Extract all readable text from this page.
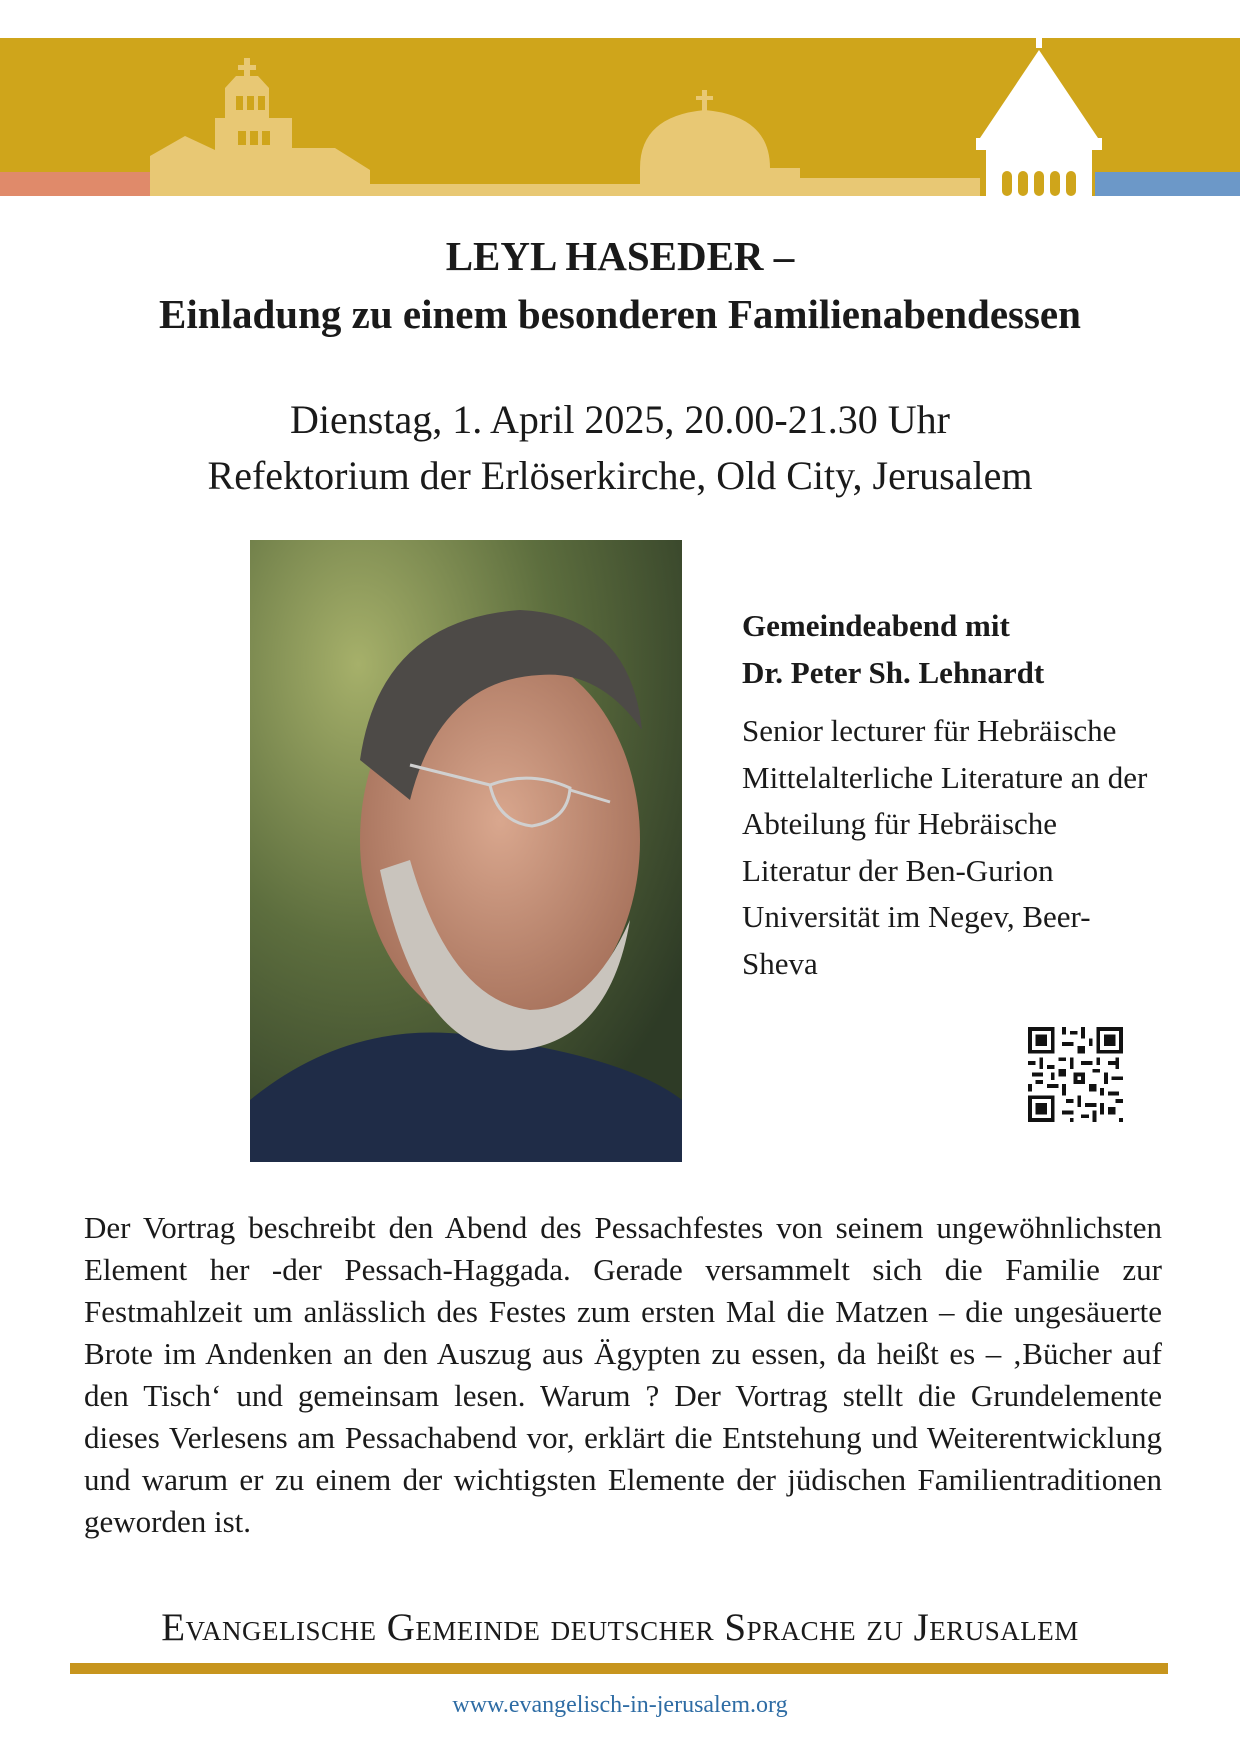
LEYL HASEDER –
Einladung zu einem besonderen Familienabendessen
Dienstag, 1. April 2025, 20.00-21.30 Uhr
Refektorium der Erlöserkirche, Old City, Jerusalem
Gemeindeabend mit
Dr. Peter Sh. Lehnardt
Senior lecturer für Hebräische Mittelalterliche Literature an der Abteilung für Hebräische Literatur der Ben-Gurion Universität im Negev, Beer-Sheva
Der Vortrag beschreibt den Abend des Pessachfestes von seinem ungewöhnlichsten Element her -der Pessach-Haggada. Gerade versammelt sich die Familie zur Festmahlzeit um anlässlich des Festes zum ersten Mal die Matzen – die ungesäuerte Brote im Andenken an den Auszug aus Ägypten zu essen, da heißt es – ‚Bücher auf den Tisch‘ und gemeinsam lesen. Warum ? Der Vortrag stellt die Grundelemente dieses Verlesens am Pessachabend vor, erklärt die Entstehung und Weiterentwicklung und warum er zu einem der wichtigsten Elemente der jüdischen Familientraditionen geworden ist.
Evangelische Gemeinde deutscher Sprache zu Jerusalem
www.evangelisch-in-jerusalem.org
